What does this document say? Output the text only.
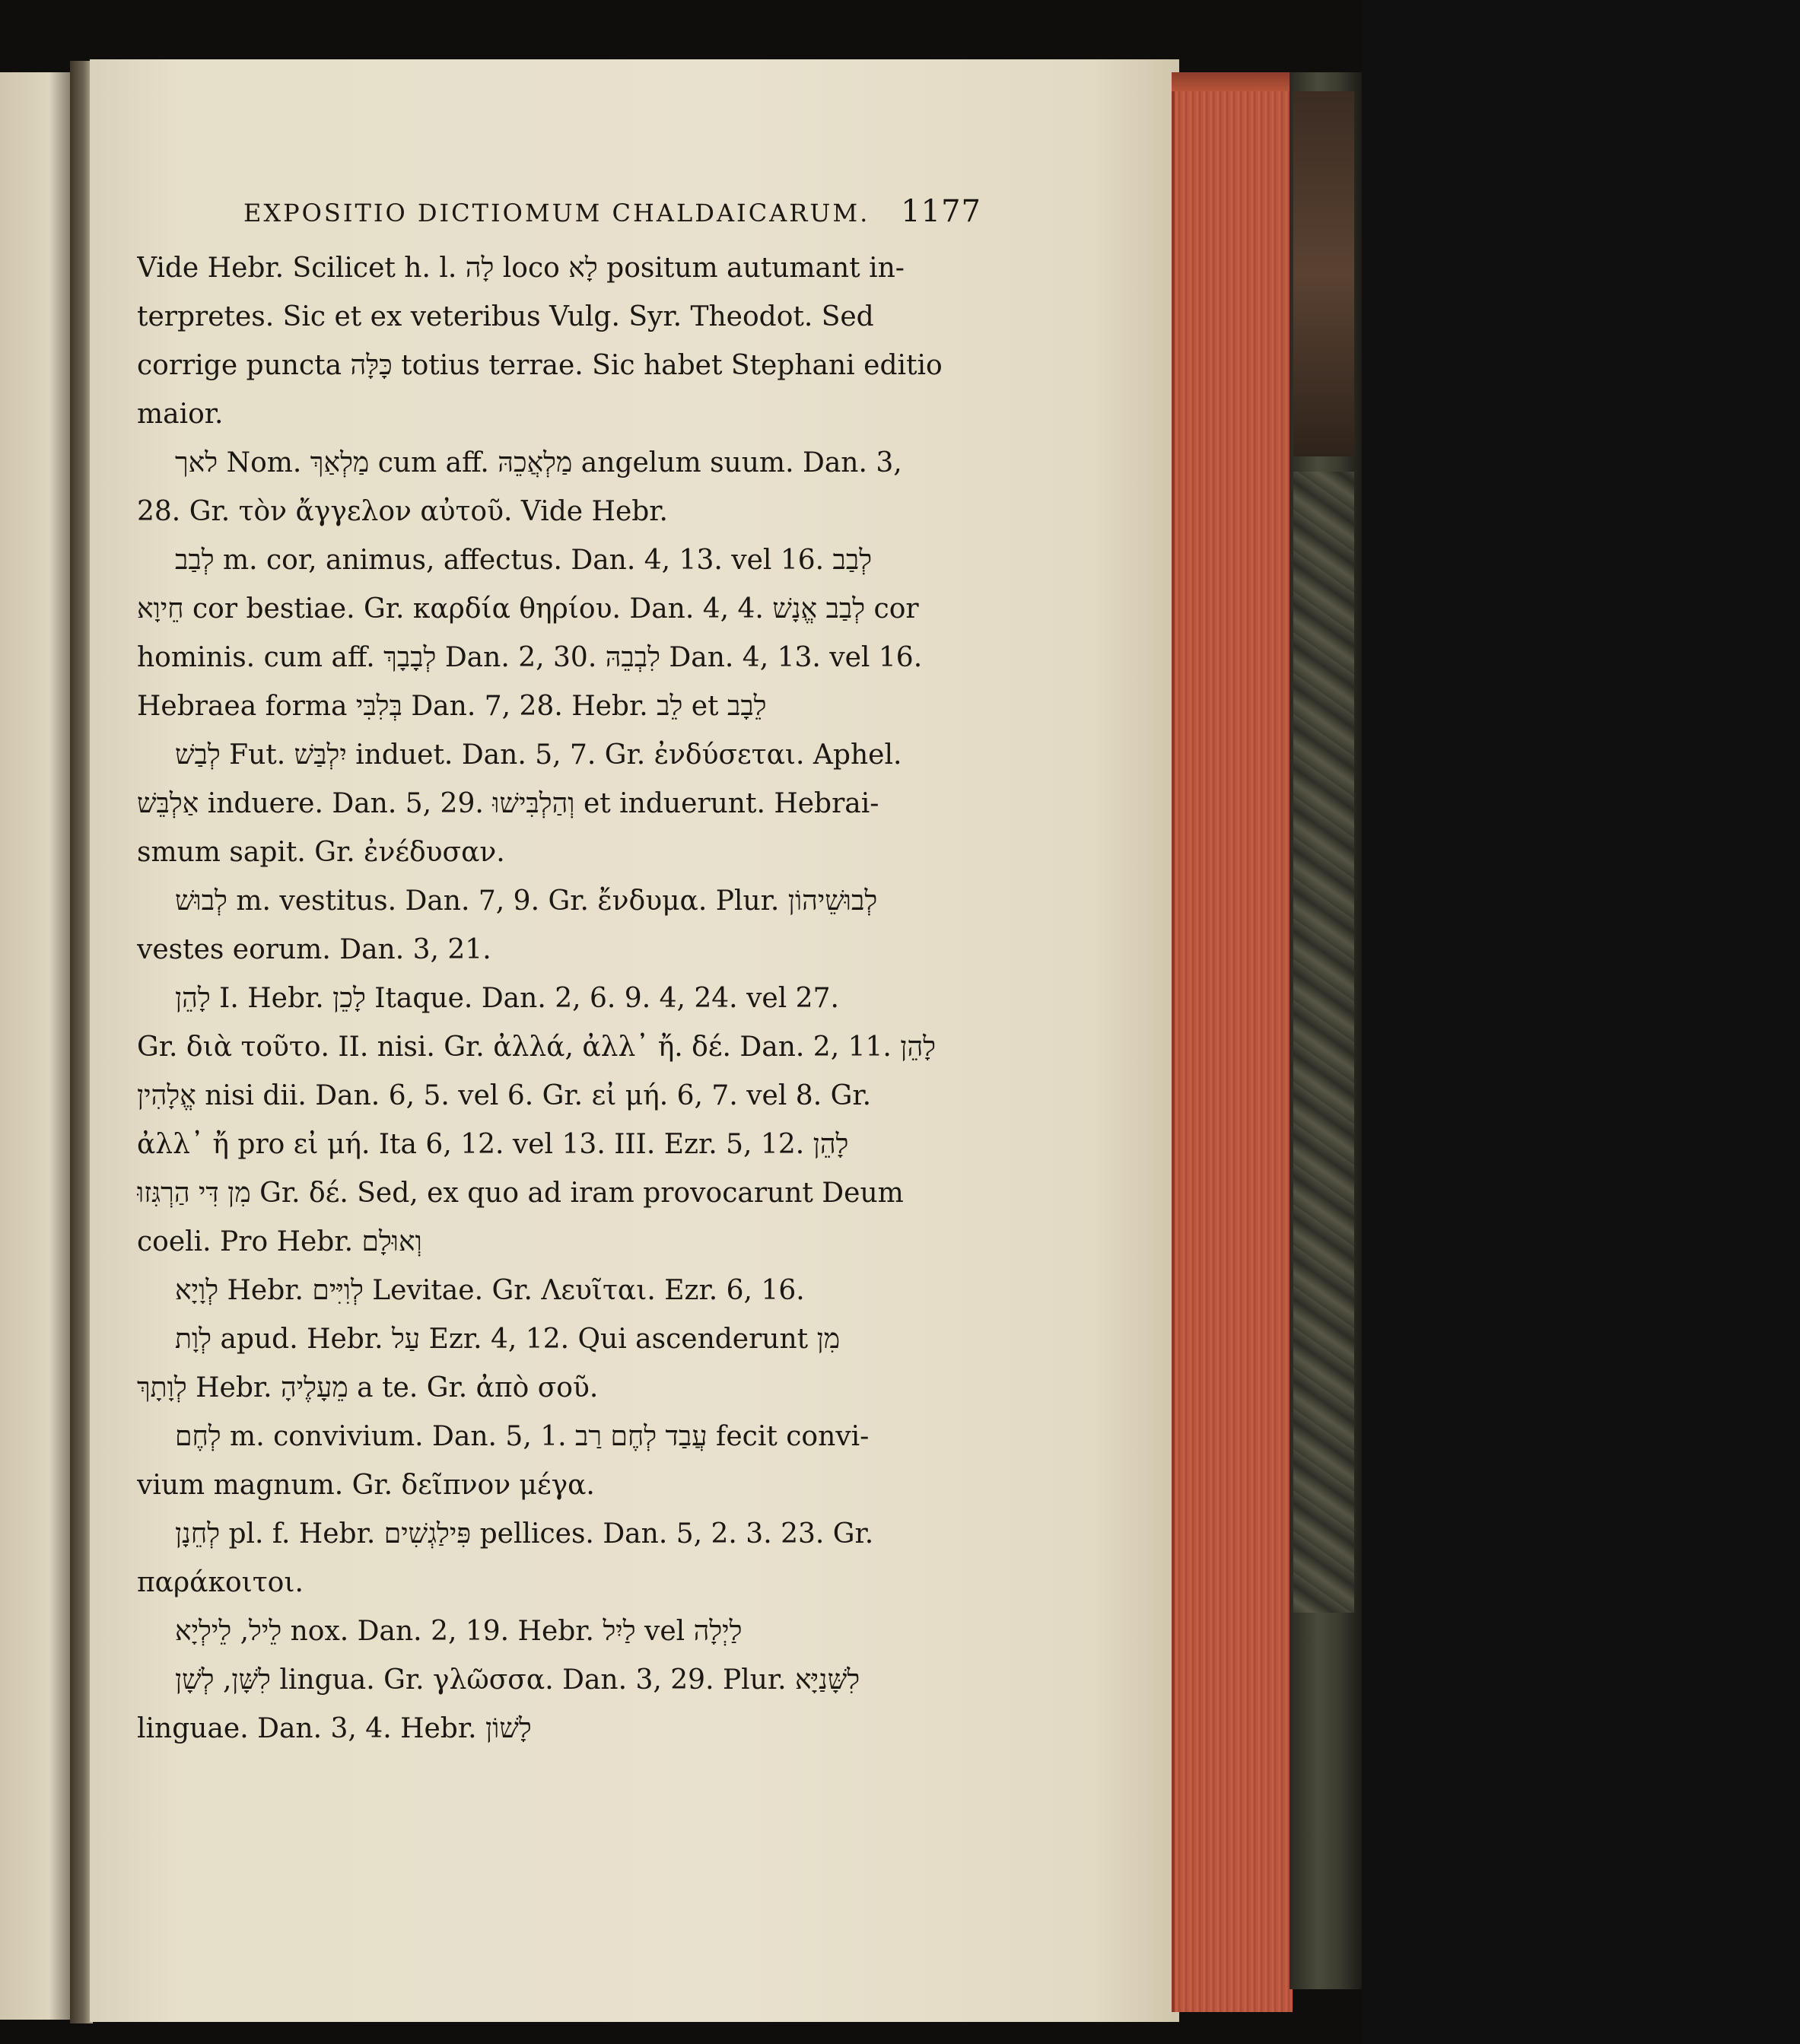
EXPOSITIO DICTIOMUM CHALDAICARUM. 1177
Vide Hebr. Scilicet h. l. לָה loco לָא positum autumant in-
terpretes. Sic et ex veteribus Vulg. Syr. Theodot. Sed
corrige puncta כָּלָּה totius terrae. Sic habet Stephani editio
maior.
לאך Nom. מַלְאַךְ cum aff. מַלְאֲכֵהּ angelum suum. Dan. 3,
28. Gr. τὸν ἄγγελον αὐτοῦ. Vide Hebr.
לְבַב m. cor, animus, affectus. Dan. 4, 13. vel 16. לְבַב
חֵיוָא cor bestiae. Gr. καρδία θηρίου. Dan. 4, 4. לְבַב אֱנָשׁ cor
hominis. cum aff. לְבָבָךְ Dan. 2, 30. לִבְבֵהּ Dan. 4, 13. vel 16.
Hebraea forma בְּלִבִּי Dan. 7, 28. Hebr. לֵב et לֵבָב
לְבַשׁ Fut. יִלְבַּשׁ induet. Dan. 5, 7. Gr. ἐνδύσεται. Aphel.
אַלְבֵּשׁ induere. Dan. 5, 29. וְהַלְבִּישׁוּ et induerunt. Hebrai-
smum sapit. Gr. ἐνέδυσαν.
לְבוּשׁ m. vestitus. Dan. 7, 9. Gr. ἔνδυμα. Plur. לְבוּשֵׁיהוֹן
vestes eorum. Dan. 3, 21.
לָהֵן I. Hebr. לָכֵן Itaque. Dan. 2, 6. 9. 4, 24. vel 27.
Gr. διὰ τοῦτο. II. nisi. Gr. ἀλλά, ἀλλ᾽ ἤ. δέ. Dan. 2, 11. לָהֵן
אֱלָהִין nisi dii. Dan. 6, 5. vel 6. Gr. εἰ μή. 6, 7. vel 8. Gr.
ἀλλ᾽ ἤ pro εἰ μή. Ita 6, 12. vel 13. III. Ezr. 5, 12. לָהֵן
מִן דִּי הַרְגִּזוּ Gr. δέ. Sed, ex quo ad iram provocarunt Deum
coeli. Pro Hebr. וְאוּלָם
לְוָיָא Hebr. לְוִיִּים Levitae. Gr. Λευῖται. Ezr. 6, 16.
לְוָת apud. Hebr. עַל Ezr. 4, 12. Qui ascenderunt מִן
לְוָתָךְ Hebr. מֵעָלֶיהָ a te. Gr. ἀπὸ σοῦ.
לְחֶם m. convivium. Dan. 5, 1. עֲבַד לְחֶם רַב fecit convi-
vium magnum. Gr. δεῖπνον μέγα.
לְחֵנָן pl. f. Hebr. פִּילַגְשִׁים pellices. Dan. 5, 2. 3. 23. Gr.
παράκοιτοι.
לֵיל, לֵילְיָא nox. Dan. 2, 19. Hebr. לַיִל vel לַיְלָה
לִשָּׁן, לְשָׁן lingua. Gr. γλῶσσα. Dan. 3, 29. Plur. לִשָּׁנַיָּא
linguae. Dan. 3, 4. Hebr. לָשׁוֹן
